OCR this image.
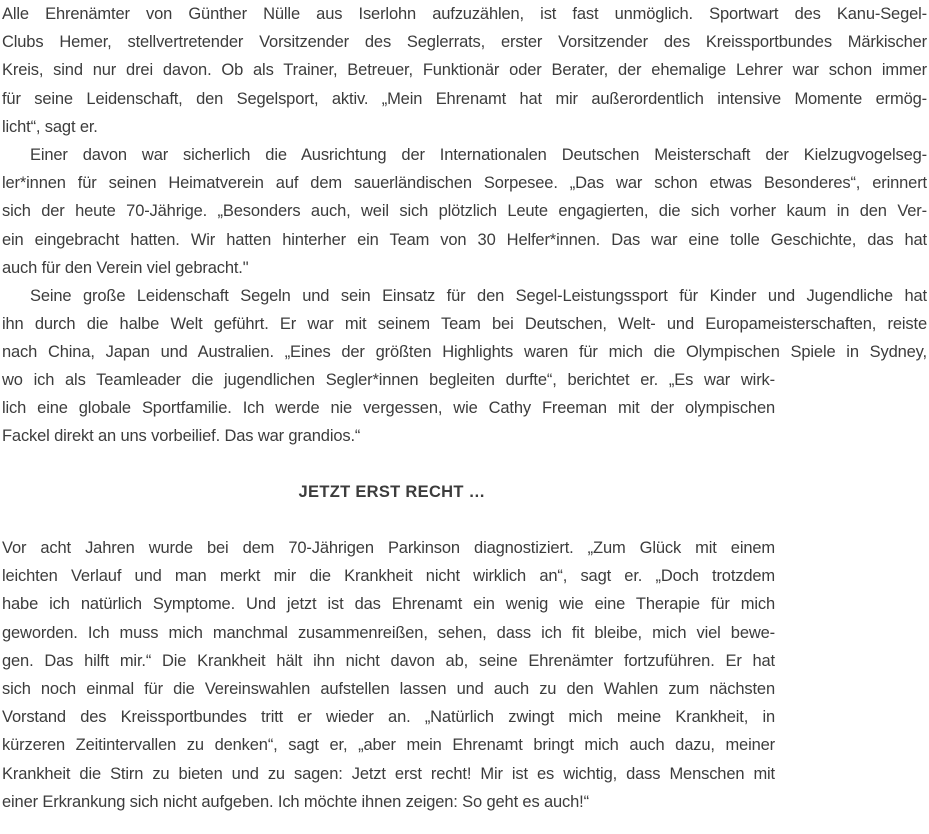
Alle Ehrenämter von Günther Nülle aus Iserlohn aufzuzählen, ist fast unmöglich. Sportwart des Kanu-Segel-
Clubs Hemer, stellvertretender Vorsitzender des Seglerrats, erster Vorsitzender des Kreissportbundes Märkischer
Kreis, sind nur drei davon. Ob als Trainer, Betreuer, Funktionär oder Berater, der ehemalige Lehrer war schon immer
für seine Leidenschaft, den Segelsport, aktiv. „Mein Ehrenamt hat mir außerordentlich intensive Momente ermög-
licht“, sagt er.
Einer davon war sicherlich die Ausrichtung der Internationalen Deutschen Meisterschaft der Kielzugvogelseg-
ler*innen für seinen Heimatverein auf dem sauerländischen Sorpesee. „Das war schon etwas Besonderes“, erinnert
sich der heute 70-Jährige. „Besonders auch, weil sich plötzlich Leute engagierten, die sich vorher kaum in den Ver-
ein eingebracht hatten. Wir hatten hinterher ein Team von 30 Helfer*innen. Das war eine tolle Geschichte, das hat
auch für den Verein viel gebracht."
Seine große Leidenschaft Segeln und sein Einsatz für den Segel-Leistungssport für Kinder und Jugendliche hat
ihn durch die halbe Welt geführt. Er war mit seinem Team bei Deutschen, Welt- und Europameisterschaften, reiste
nach China, Japan und Australien. „Eines der größten Highlights waren für mich die Olympischen Spiele in Sydney,
wo ich als Teamleader die jugendlichen Segler*innen begleiten durfte“, berichtet er. „Es war wirk-
lich eine globale Sportfamilie. Ich werde nie vergessen, wie Cathy Freeman mit der olympischen
Fackel direkt an uns vorbeilief. Das war grandios.“
JETZT ERST RECHT …
Vor acht Jahren wurde bei dem 70-Jährigen Parkinson diagnostiziert. „Zum Glück mit einem
leichten Verlauf und man merkt mir die Krankheit nicht wirklich an“, sagt er. „Doch trotzdem
habe ich natürlich Symptome. Und jetzt ist das Ehrenamt ein wenig wie eine Therapie für mich
geworden. Ich muss mich manchmal zusammenreißen, sehen, dass ich fit bleibe, mich viel bewe-
gen. Das hilft mir.“ Die Krankheit hält ihn nicht davon ab, seine Ehrenämter fortzuführen. Er hat
sich noch einmal für die Vereinswahlen aufstellen lassen und auch zu den Wahlen zum nächsten
Vorstand des Kreissportbundes tritt er wieder an. „Natürlich zwingt mich meine Krankheit, in
kürzeren Zeitintervallen zu denken“, sagt er, „aber mein Ehrenamt bringt mich auch dazu, meiner
Krankheit die Stirn zu bieten und zu sagen: Jetzt erst recht! Mir ist es wichtig, dass Menschen mit
einer Erkrankung sich nicht aufgeben. Ich möchte ihnen zeigen: So geht es auch!“
